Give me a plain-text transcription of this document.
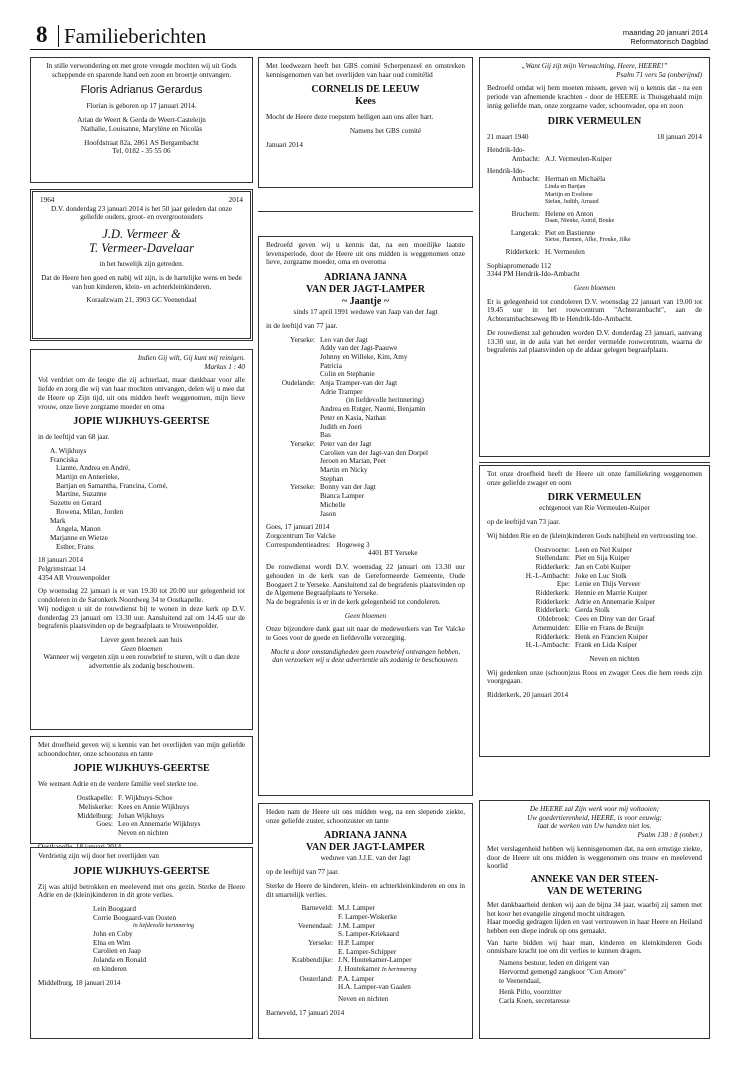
8 Familieberichten	maandag 20 januari 2014
Reformatorisch Dagblad
In stille verwondering en met grote vreugde mochten wij uit Gods scheppende en sparende hand een zoon en broertje ontvangen.
Floris Adrianus Gerardus
Florian is geboren op 17 januari 2014.
Arian de Weert & Gerda de Weert-Casteleijn
Nathalie, Louisanne, Marylène en Nicolàs
Hoofdstraat 82a, 2861 AS Bergambacht
Tel. 0182 - 35 55 06
1964	2014
D.V. donderdag 23 januari 2014 is het 50 jaar geleden dat onze geliefde ouders, groot- en overgrootouders
J.D. Vermeer &
T. Vermeer-Davelaar
in het huwelijk zijn getreden.
Dat de Heere hen goed en nabij wil zijn, is de hartelijke wens en bede van hun kinderen, klein- en achterkleinkinderen.
Koraalzwam 21, 3903 GC Veenendaal
Indien Gij wilt, Gij kunt mij reinigen.
Markus 1 : 40
Vol verdriet om de leegte die zij achterlaat, maar dankbaar voor alle liefde en zorg die wij van haar mochten ontvangen, delen wij u mee dat de Heere op Zijn tijd, uit ons midden heeft weggenomen, mijn lieve vrouw, onze lieve zorgzame moeder en oma
JOPIE WIJKHUYS-GEERTSE
in de leeftijd van 68 jaar.
A. Wijkhuys
Franciska
Lianne, Andrea en André,
Martijn en Annerieke,
Bartjan en Samantha, Francina, Corné,
Martine, Suzanne
Suzette en Gerard
Rowena, Milan, Jorden
Mark
Angela, Manon
Marjanne en Wietze
Esther, Frans
18 januari 2014
Pelgrimstraat 14
4354 AR Vrouwenpolder
Op woensdag 22 januari is er van 19.30 tot 20.00 uur gelegenheid tot condoleren in de Saronkerk Noordweg 34 te Oostkapelle.
Wij nodigen u uit de rouwdienst bij te wonen in deze kerk op D.V. donderdag 23 januari om 13.30 uur. Aansluitend zal om 14.45 uur de begrafenis plaatsvinden op de begraafplaats te Vrouwenpolder.
Liever geen bezoek aan huis
Geen bloemen
Wanneer wij vergeten zijn u een rouwbrief te sturen, wilt u dan deze advertentie als zodanig beschouwen.
Met droefheid geven wij u kennis van het overlijden van mijn geliefde schoondochter, onze schoonzus en tante
JOPIE WIJKHUYS-GEERTSE
We wensen Adrie en de verdere familie veel sterkte toe.
Oostkapelle: F. Wijkhuys-Schoe
Meliskerke: Kees en Annie Wijkhuys
Middelburg: Johan Wijkhuys
Goes: Leo en Annemarie Wijkhuys
Neven en nichten
Verdrietig zijn wij door het overlijden van
JOPIE WIJKHUYS-GEERTSE
Zij was altijd betrokken en meelevend met ons gezin. Sterke de Heere Adrie en de (klein)kinderen in dit grote verlies.
Lein Boogaard
Corrie Boogaard-van Oosten
in liefdevolle herinnering
John en Coby
Elna en Wim
Carolien en Jaap
Jolanda en Ronald
en kinderen
Middelburg, 18 januari 2014
Met leedwezen heeft het GBS comité Scherpenzeel en omstreken kennisgenomen van het overlijden van haar oud comitélid
CORNELIS DE LEEUW
Kees
Mocht de Heere deze roepstem heiligen aan ons aller hart.
Namens het GBS comité
Januari 2014
Bedroefd geven wij u kennis dat, na een moeilijke laatste levensperiode, door de Heere uit ons midden is weggenomen onze lieve, zorgzame moeder, oma en overoma
ADRIANA JANNA
VAN DER JAGT-LAMPER
~ Jaantje ~
sinds 17 april 1991 weduwe van Jaap van der Jagt
in de leeftijd van 77 jaar.
Yerseke: Leo van der Jagt
Addy van der Jagt-Paauwe
Johnny en Willeke, Kim, Amy
Patricia
Colin en Stephanie
Oudelande: Anja Tramper-van der Jagt
Adrie Tramper
(in liefdevolle herinnering)
Andrea en Rutger, Naomi, Benjamin
Peter en Kasia, Nathan
Judith en Joeri
Bas
Yerseke: Peter van der Jagt
Carolien van der Jagt-van den Dorpel
Jeroen en Marian, Peet
Martin en Nicky
Stephan
Yerseke: Bonny van der Jagt
Bianca Lamper
Michelle
Jason
Goes, 17 januari 2014
Zorgcentrum Ter Valcke
Correspondentieadres: Hogeweg 3
4401 BT Yerseke
De rouwdienst wordt D.V. woensdag 22 januari om 13.30 uur gehouden in de kerk van de Gereformeerde Gemeente, Oude Boogaert 2 te Yerseke. Aansluitend zal de begrafenis plaatsvinden op de Algemene Begraafplaats te Yerseke.
Na de begrafenis is er in de kerk gelegenheid tot condoleren.
Geen bloemen
Onze bijzondere dank gaat uit naar de medewerkers van Ter Valcke te Goes voor de goede en liefdevolle verzorging.
Mocht u door omstandigheden geen rouwbrief ontvangen hebben, dan verzoeken wij u deze advertentie als zodanig te beschouwen.
Heden nam de Heere uit ons midden weg, na een slepende ziekte, onze geliefde zuster, schoonzuster en tante
ADRIANA JANNA
VAN DER JAGT-LAMPER
weduwe van J.J.E. van der Jagt
op de leeftijd van 77 jaar.
Sterke de Heere de kinderen, klein- en achterkleinkinderen en ons in dit smartelijk verlies.
Barneveld: M.J. Lamper
F. Lamper-Wiskerke
Veenendaal: J.M. Lamper
S. Lamper-Kriekaard
Yerseke: H.P. Lamper
E. Lamper-Schipper
Krabbendijke: J.N. Houtekamer-Lamper
J. Houtekamer In herinnering
Oosterland: P.A. Lamper
H.A. Lamper-van Gaalen
Neven en nichten
Barneveld, 17 januari 2014
„Want Gij zijt mijn Verwachting, Heere, HEERE!”
Psalm 71 vers 5a (onberijmd)
Bedroefd omdat wij hem moeten missen, geven wij u kennis dat - na een periode van afnemende krachten - door de HEERE is Thuisgehaald mijn innig geliefde man, onze zorgzame vader, schoonvader, opa en zoon
DIRK VERMEULEN
21 maart 1940	18 januari 2014
Hendrik-Ido-
Ambacht: A.J. Vermeulen-Kuiper
Hendrik-Ido-
Ambacht: Herman en Michaëla
Linda en Bartjan
Martijn en Eveliene
Stefan, Judith, Arnaud
Bruchem: Helene en Anton
Daan, Nienke, Astrid, Bouke
Langerak: Piet en Bastienne
Sietse, Harmen, Afke, Frouke, Jilke
Ridderkerk: H. Vermeulen
Sophiapromenade 112
3344 PM Hendrik-Ido-Ambacht
Geen bloemen
Er is gelegenheid tot condoleren D.V. woensdag 22 januari van 19.00 tot 19.45 uur in het rouwcentrum "Achterambacht", aan de Achterambachtseweg 8b te Hendrik-Ido-Ambacht.
De rouwdienst zal gehouden worden D.V. donderdag 23 januari, aanvang 13.30 uur, in de aula van het eerder vermelde rouwcentrum, waarna de begrafenis zal plaatsvinden op de aldaar gelegen begraafplaats.
Tot onze droefheid heeft de Heere uit onze familiekring weggenomen onze geliefde zwager en oom
DIRK VERMEULEN
echtgenoot van Rie Vermeulen-Kuiper
op de leeftijd van 73 jaar.
Wij bidden Rie en de (klein)kinderen Gods nabijheid en vertroosting toe.
Oostvoorne: Leen en Nel Kuiper
Stellendam: Piet en Sija Kuiper
Ridderkerk: Jan en Cobi Kuiper
H.-I.-Ambacht: Joke en Luc Stolk
Epe: Lenie en Thijs Verveer
Ridderkerk: Hennie en Marrie Kuiper
Ridderkerk: Adrie en Annemarie Kuiper
Ridderkerk: Gerda Stolk
Oldebroek: Cees en Diny van der Graaf
Arnemuiden: Ellie en Frans de Bruijn
Ridderkerk: Henk en Francien Kuiper
H.-I.-Ambacht: Frank en Lida Kuiper
Neven en nichten
Wij gedenken onze (schoon)zus Roos en zwager Cees die hem reeds zijn voorgegaan.
Ridderkerk, 20 januari 2014
De HEERE zal Zijn werk voor mij voltooien;
Uw goedertierenheid, HEERE, is voor eeuwig;
laat de werken van Uw handen niet los.
Psalm 138 : 8 (onber.)
Met verslagenheid hebben wij kennisgenomen dat, na een ernstige ziekte, door de Heere uit ons midden is weggenomen ons trouw en meelevend koorlid
ANNEKE VAN DER STEEN-
VAN DE WETERING
Met dankbaarheid denken wij aan de bijna 34 jaar, waarbij zij samen met het koor het evangelie zingend mocht uitdragen.
Haar moedig gedragen lijden en vast vertrouwen in haar Heere en Heiland hebben een diepe indruk op ons gemaakt.
Van harte bidden wij haar man, kinderen en kleinkinderen Gods onmisbare kracht toe om dit verlies te kunnen dragen.
Namens bestuur, leden en dirigent van
Hervormd gemengd zangkoor "Con Amore"
te Veenendaal,
Henk Pitlo, voorzitter
Carla Koen, secretaresse
